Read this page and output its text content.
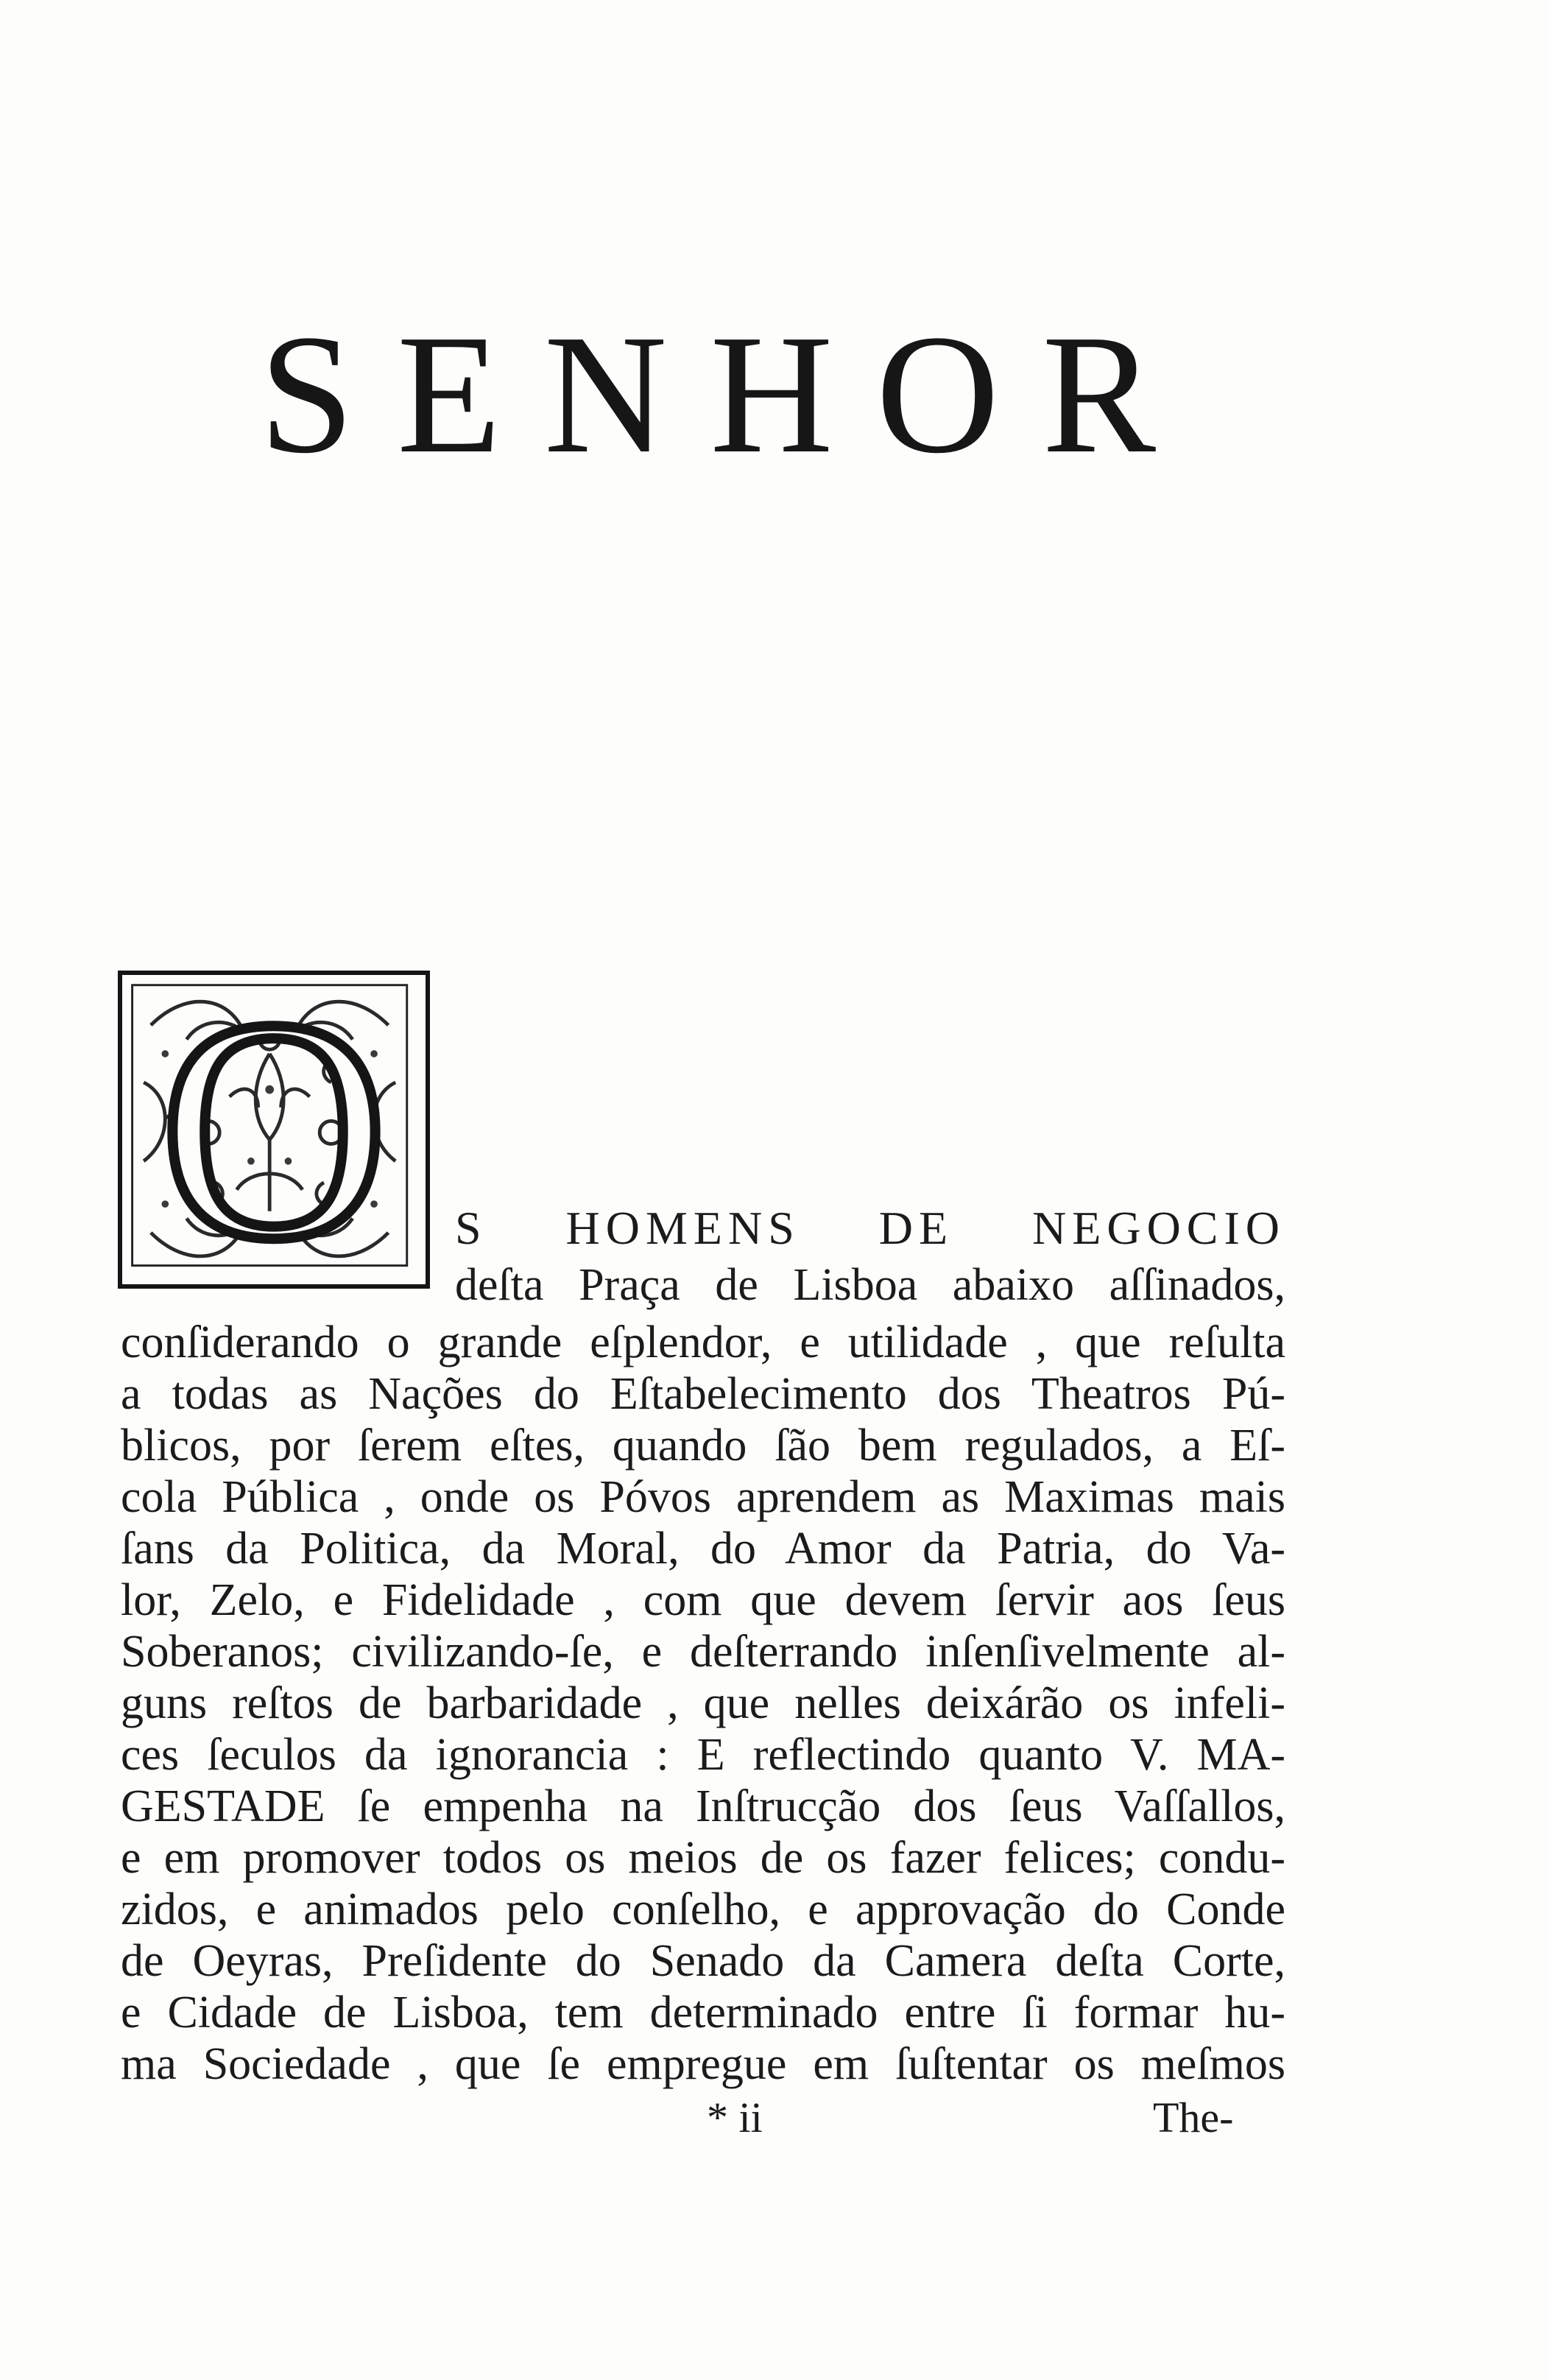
SENHOR
O	S HOMENS DE NEGOCIO
deſta Praça de Lisboa abaixo aſſinados,
conſiderando o grande eſplendor, e utilidade , que reſulta
a todas as Nações do Eſtabelecimento dos Theatros Pú-
blicos, por ſerem eſtes, quando ſão bem regulados, a Eſ-
cola Pública , onde os Póvos aprendem as Maximas mais
ſans da Politica, da Moral, do Amor da Patria, do Va-
lor, Zelo, e Fidelidade , com que devem ſervir aos ſeus
Soberanos; civilizando-ſe, e deſterrando inſenſivelmente al-
guns reſtos de barbaridade , que nelles deixárão os infeli-
ces ſeculos da ignorancia : E reflectindo quanto V. MA-
GESTADE ſe empenha na Inſtrucção dos ſeus Vaſſallos,
e em promover todos os meios de os fazer felices; condu-
zidos, e animados pelo conſelho, e approvação do Conde
de Oeyras, Preſidente do Senado da Camera deſta Corte,
e Cidade de Lisboa, tem determinado entre ſi formar hu-
ma Sociedade , que ſe empregue em ſuſtentar os meſmos
* ii	The-
